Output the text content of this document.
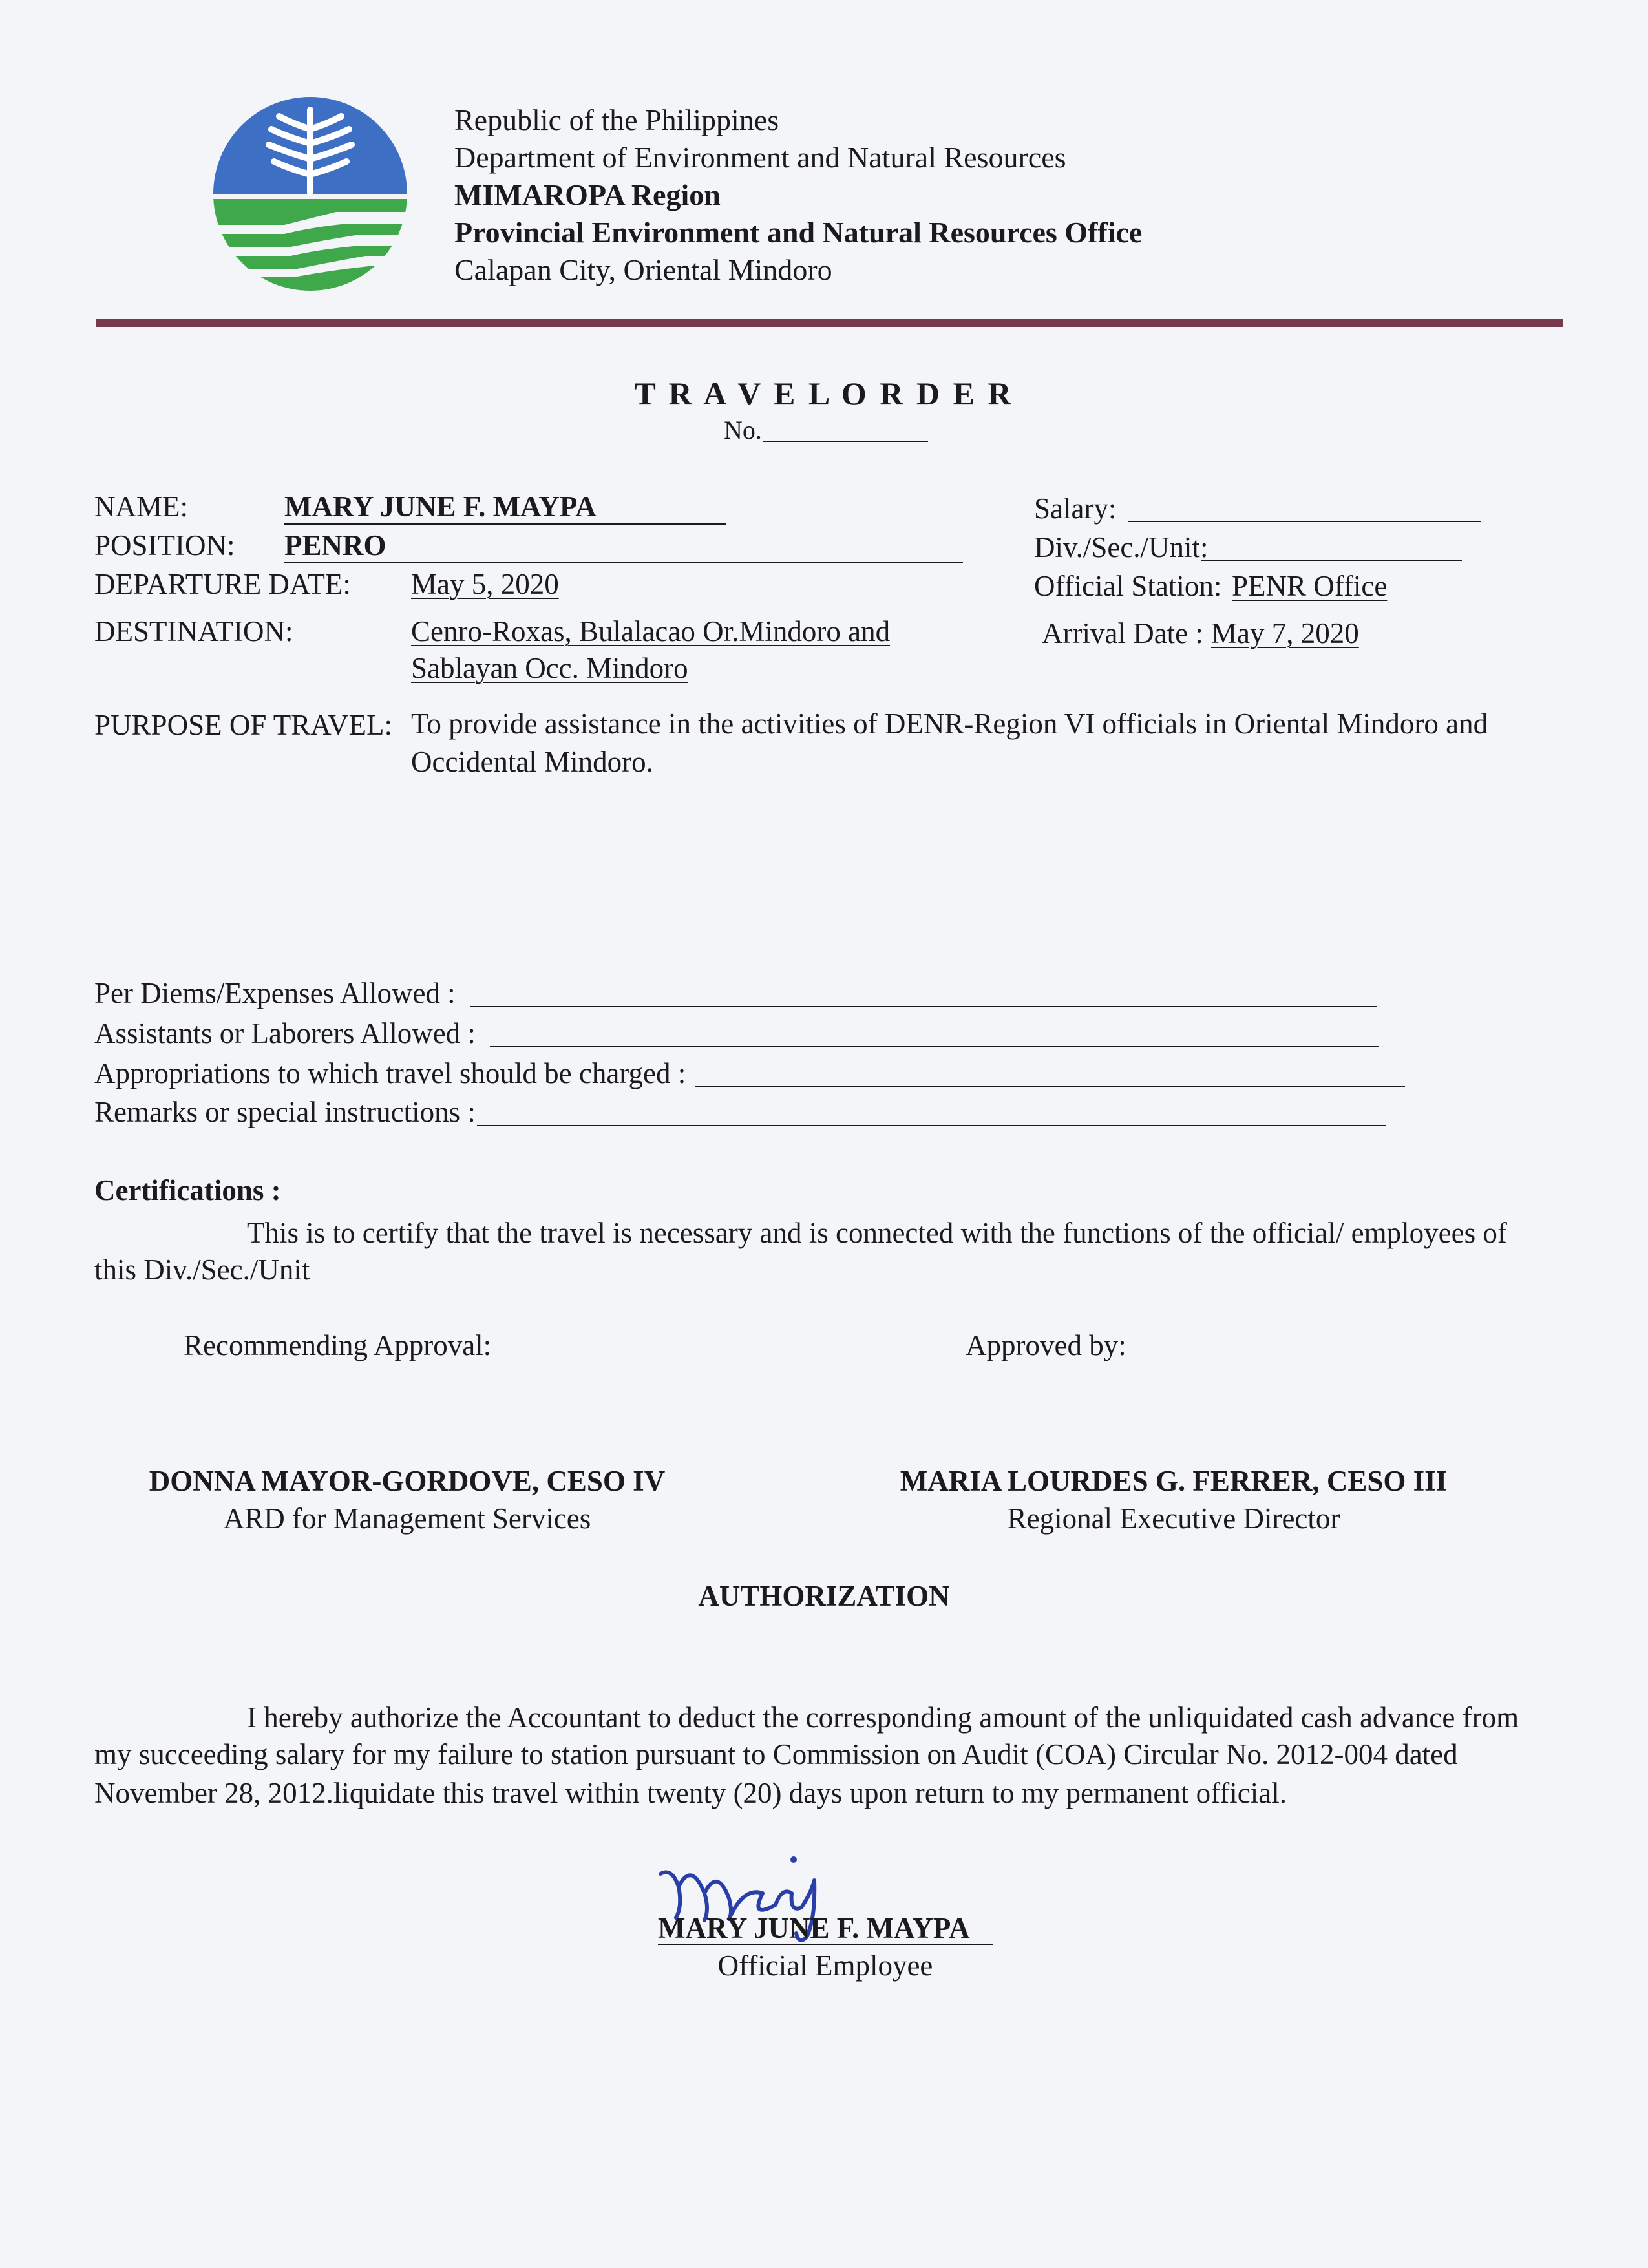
Republic of the Philippines
Department of Environment and Natural Resources
MIMAROPA Region
Provincial Environment and Natural Resources Office
Calapan City, Oriental Mindoro
T R A V E L O R D E R
No.
NAME:	MARY JUNE F. MAYPA
POSITION: PENRO
DEPARTURE DATE: May 5, 2020
DESTINATION:	Cenro-Roxas, Bulalacao Or.Mindoro and
Sablayan Occ. Mindoro
Salary:
Div./Sec./Unit:
Official Station: PENR Office
Arrival Date : May 7, 2020
PURPOSE OF TRAVEL: To provide assistance in the activities of DENR-Region VI officials in Oriental Mindoro and
Occidental Mindoro.
Per Diems/Expenses Allowed :
Assistants or Laborers Allowed :
Appropriations to which travel should be charged :
Remarks or special instructions :
Certifications :
This is to certify that the travel is necessary and is connected with the functions of the official/ employees of
this Div./Sec./Unit
Recommending Approval:	Approved by:
DONNA MAYOR-GORDOVE, CESO IV
ARD for Management Services
MARIA LOURDES G. FERRER, CESO III
Regional Executive Director
AUTHORIZATION
I hereby authorize the Accountant to deduct the corresponding amount of the unliquidated cash advance from
my succeeding salary for my failure to station pursuant to Commission on Audit (COA) Circular No. 2012-004 dated
November 28, 2012.liquidate this travel within twenty (20) days upon return to my permanent official.
MARY JUNE F. MAYPA
Official Employee
